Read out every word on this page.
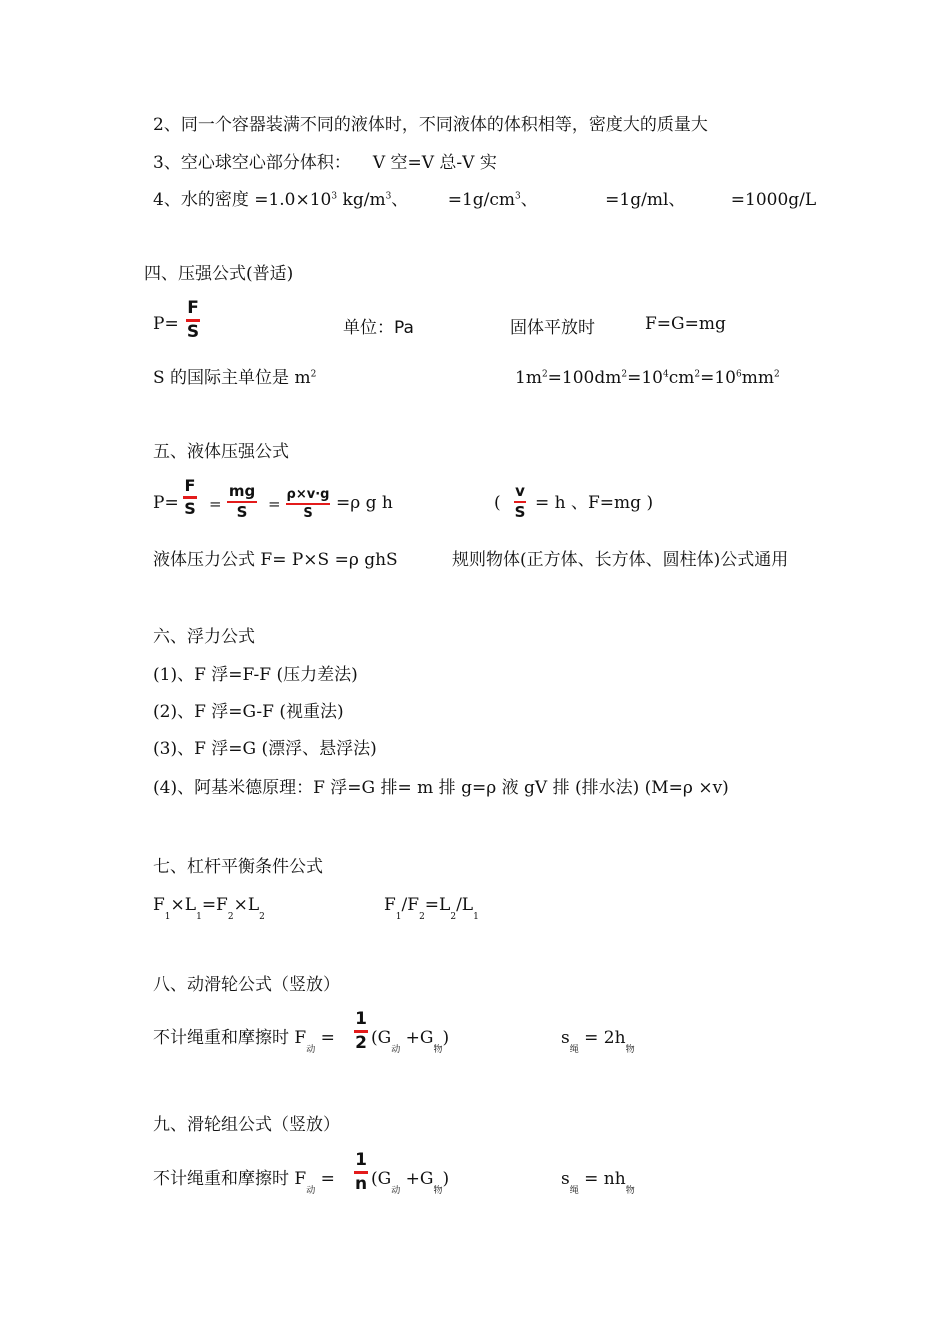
2、同一个容器装满不同的液体时，不同液体的体积相等，密度大的质量大
3、空心球空心部分体积： V 空=V 总-V 实
4、水的密度 $=1.0\times 10^3$ $kg/m^3$、 $=1g/cm^3$、	=1g/ml、	=1000g/L
四、压强公式(普适)
P=
F
S	单位：Pa	固体平放时	F=G=mg
S 的国际主单位是 $m^2$	$1m^2=100dm^2=10^4cm^2=10^6mm^2$
五、液体压强公式
P=
F
S =
mg
S	=
ρ×v·g
S
=ρ g h	(
v
S = h 、F=mg )
液体压力公式 F= P×S =ρ ghS	规则物体(正方体、长方体、圆柱体)公式通用
六、浮力公式
(1)、F 浮=F-F (压力差法)
(2)、F 浮=G-F (视重法)
(3)、F 浮=G (漂浮、悬浮法)
(4)、阿基米德原理：F 浮=G 排= m 排 g=ρ 液 gV 排 (排水法) (M=ρ ×v)
七、杠杆平衡条件公式
$F_1\times L_1=F_2\times L_2$
$F_1/F_2=L_2/L_1$
八、动滑轮公式（竖放）
不计绳重和摩擦时 $F_动$ =
1
2 $(G_动 +G_物)$	$s_绳 = 2h_物$
九、滑轮组公式（竖放）
不计绳重和摩擦时 $F_动$ =
1
n $(G_动 +G_物)$	$s_绳 = nh_物$
